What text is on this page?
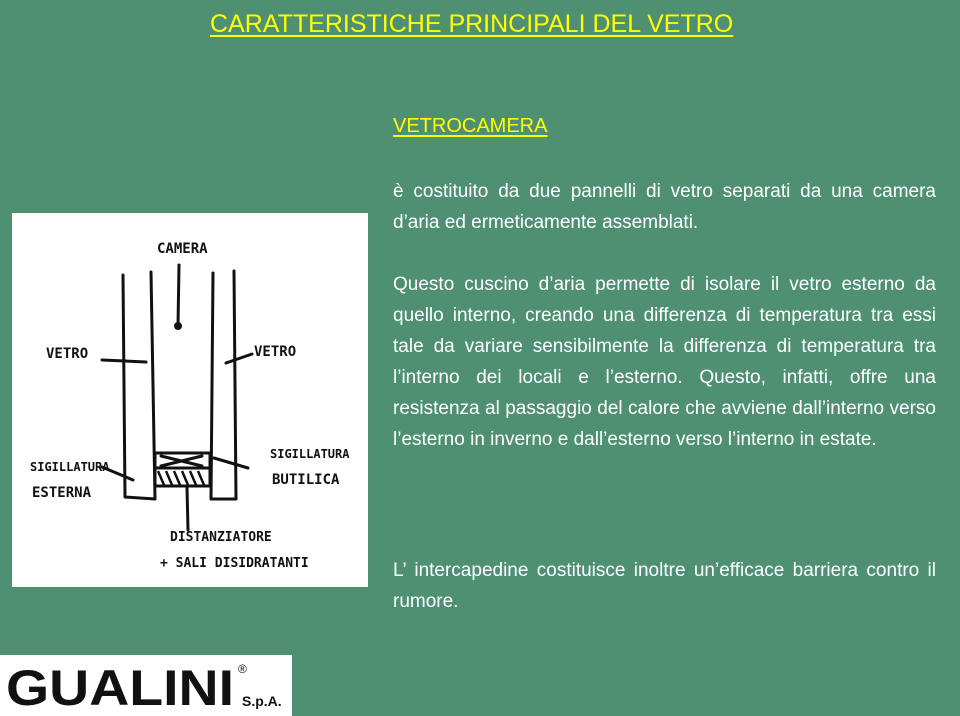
CARATTERISTICHE PRINCIPALI DEL VETRO
VETROCAMERA
è costituito da due pannelli di vetro separati da una camera d’aria ed ermeticamente assemblati.
Questo cuscino d’aria permette di isolare il vetro esterno da quello interno, creando una differenza di temperatura tra essi tale da variare sensibilmente la differenza di temperatura tra l’interno dei locali e l’esterno. Questo, infatti, offre una resistenza al passaggio del calore che avviene dall’interno verso l’esterno in inverno e dall’esterno verso l’interno in estate.
L’ intercapedine costituisce inoltre un’efficace barriera contro il rumore.
CAMERA
VETRO	VETRO
SIGILLATURA
ESTERNA
SIGILLATURA
BUTILICA
DISTANZIATORE
+ SALI DISIDRATANTI
GUALINI ®
S.p.A.
